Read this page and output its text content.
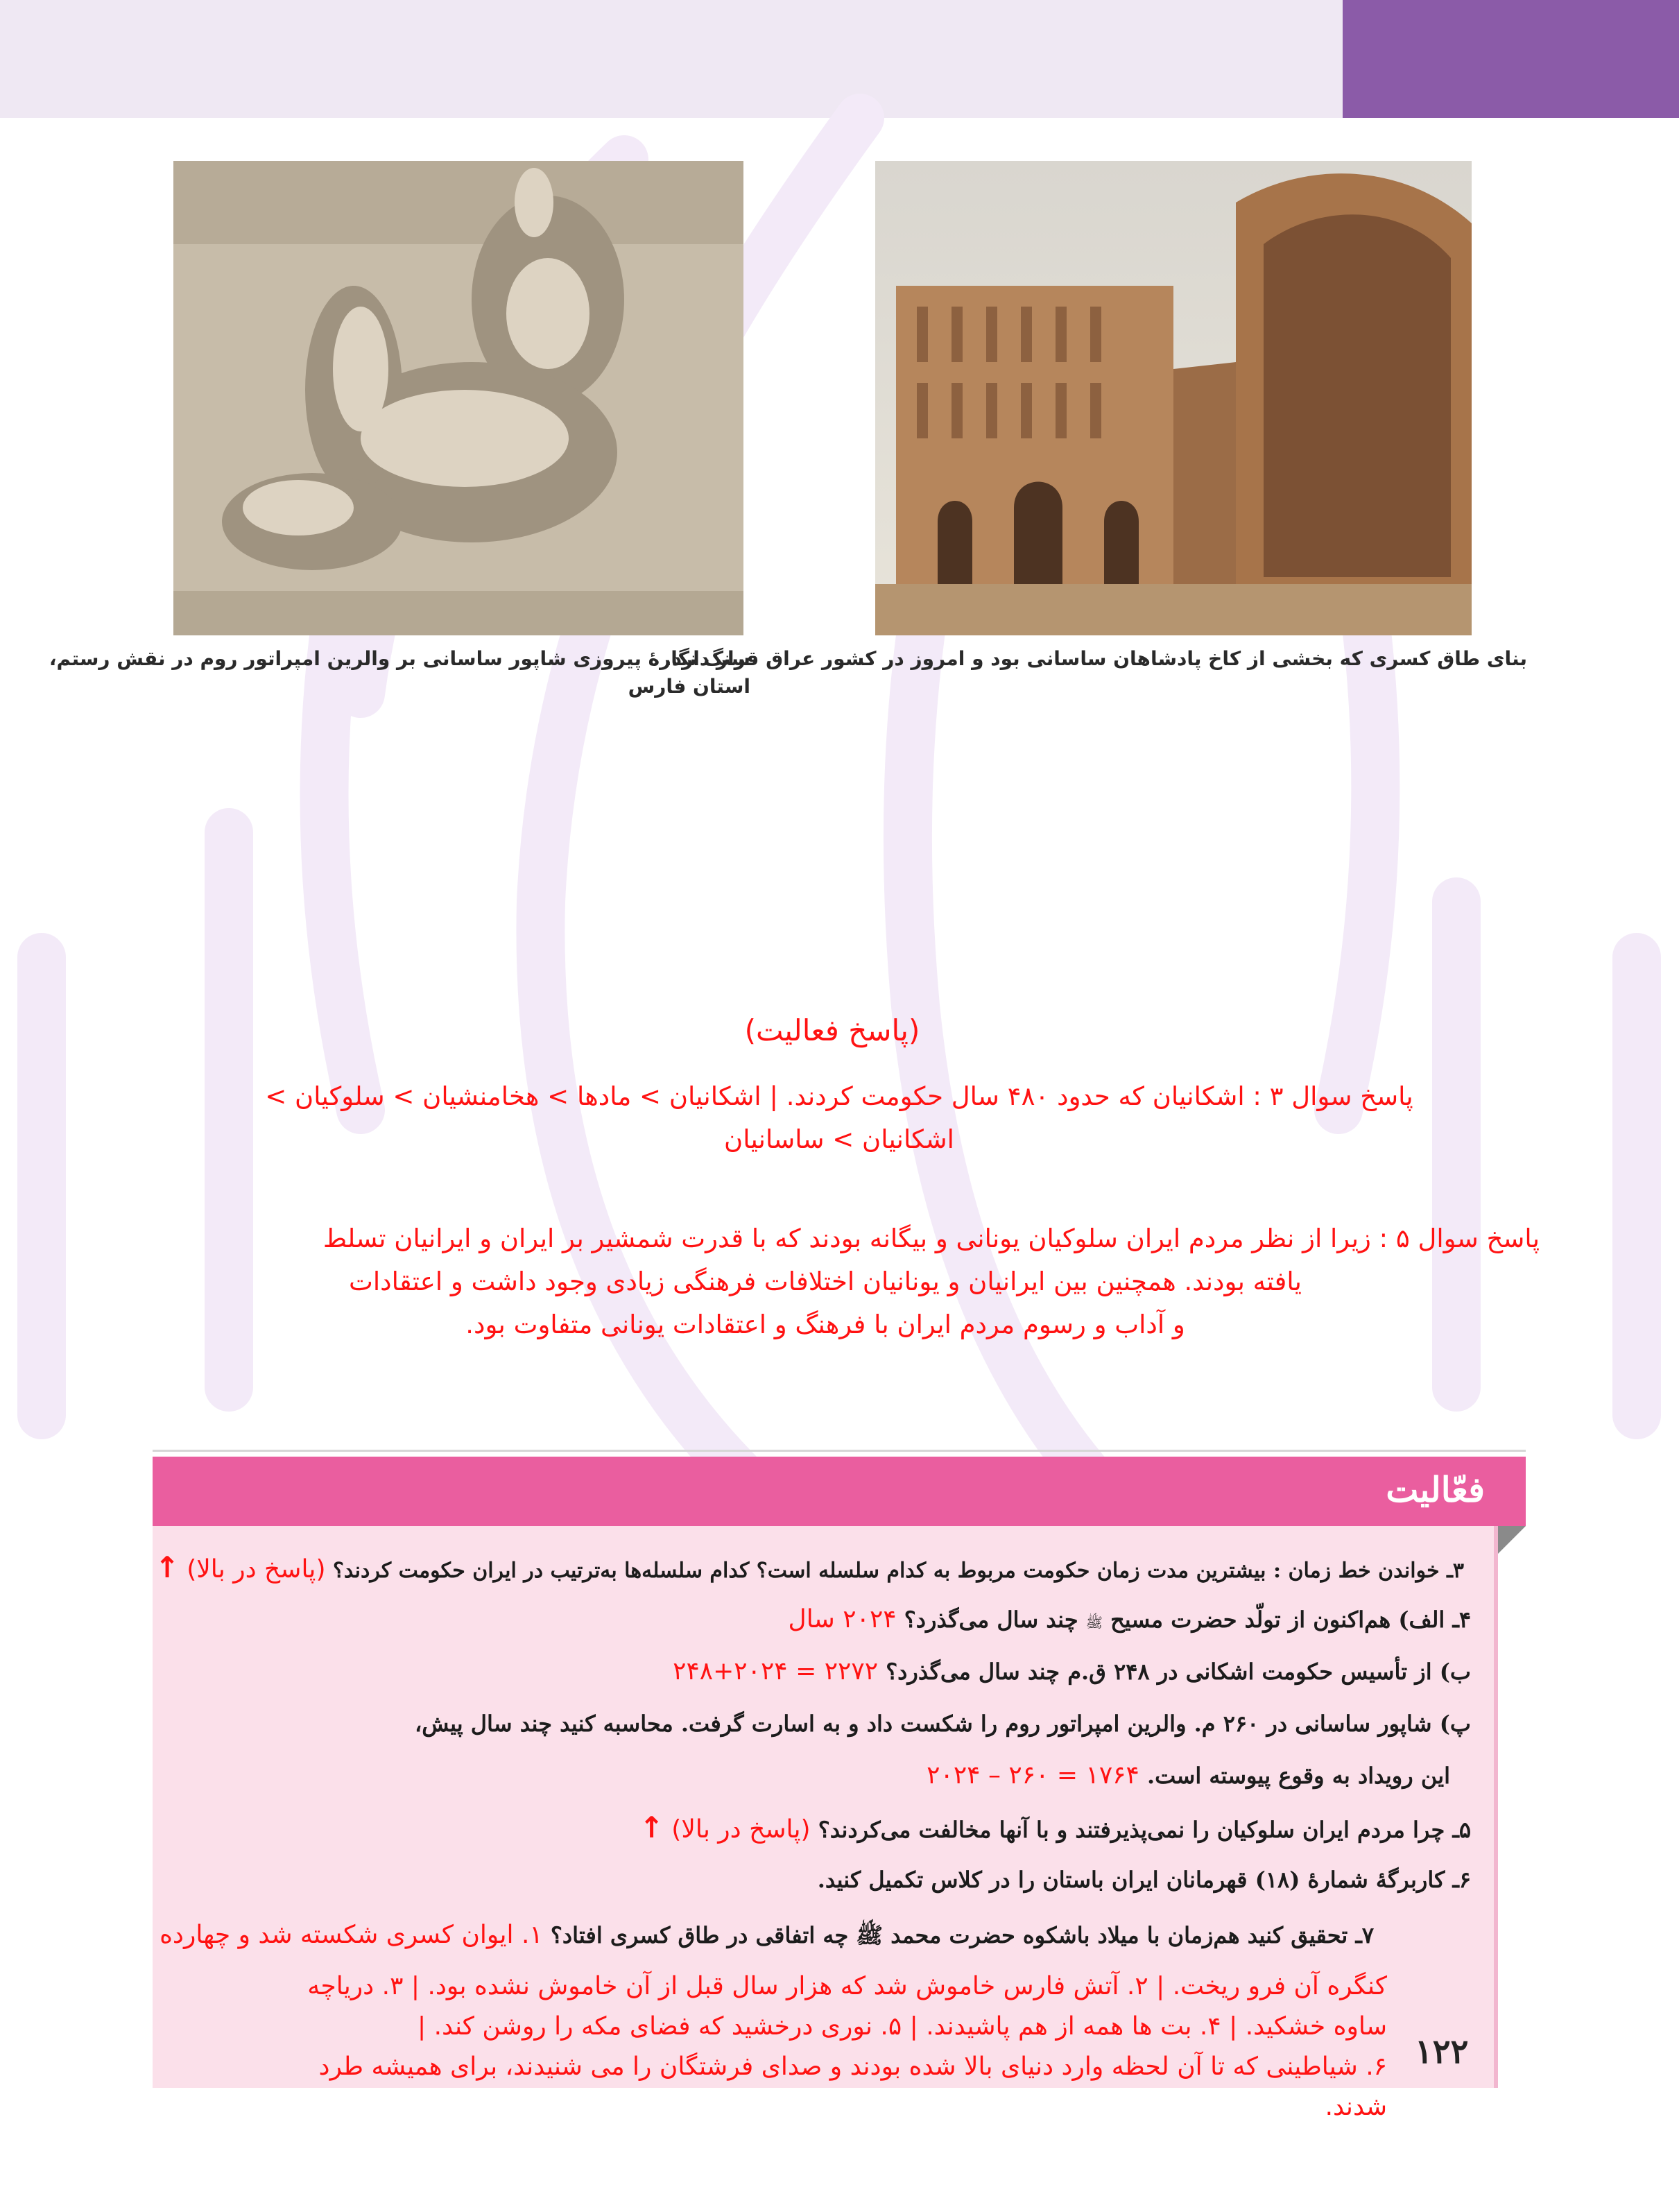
بنای طاق کسری که بخشی از کاخ پادشاهان ساسانی بود و امروز در کشور عراق قرار دارد.
سنگ نگارهٔ پیروزی شاپور ساسانی بر والرین امپراتور روم در نقش رستم،
استان فارس
(پاسخ فعالیت)
پاسخ سوال ۳ : اشکانیان که حدود ۴۸۰ سال حکومت کردند. | اشکانیان > مادها > هخامنشیان > سلوکیان >
اشکانیان > ساسانیان
پاسخ سوال ۵ : زیرا از نظر مردم ایران سلوکیان یونانی و بیگانه بودند که با قدرت شمشیر بر ایران و ایرانیان تسلط
یافته بودند. همچنین بین ایرانیان و یونانیان اختلافات فرهنگی زیادی وجود داشت و اعتقادات
و آداب و رسوم مردم ایران با فرهنگ و اعتقادات یونانی متفاوت بود.
فعّالیت
۳ـ خواندن خط زمان : بیشترین مدت زمان حکومت مربوط به کدام سلسله است؟ کدام سلسله‌ها به‌ترتیب در ایران حکومت کردند؟ (پاسخ در بالا) ↑
۴ـ الف) هم‌اکنون از تولّد حضرت مسیح ﷺ چند سال می‌گذرد؟ ۲۰۲۴ سال
ب) از تأسیس حکومت اشکانی در ۲۴۸ ق.م چند سال می‌گذرد؟ ۲۲۷۲ = ۲۰۲۴+۲۴۸
پ) شاپور ساسانی در ۲۶۰ م. والرین امپراتور روم را شکست داد و به اسارت گرفت. محاسبه کنید چند سال پیش،
این رویداد به وقوع پیوسته است. ۱۷۶۴ = ۲۶۰ – ۲۰۲۴
۵ـ چرا مردم ایران سلوکیان را نمی‌پذیرفتند و با آنها مخالفت می‌کردند؟ (پاسخ در بالا) ↑
۶ـ کاربرگهٔ شمارهٔ (۱۸) قهرمانان ایران باستان را در کلاس تکمیل کنید.
۷ـ تحقیق کنید هم‌زمان با میلاد باشکوه حضرت محمد ﷺ چه اتفاقی در طاق کسری افتاد؟ ۱. ایوان کسری شکسته شد و چهارده
کنگره آن فرو ریخت. | ۲. آتش فارس خاموش شد که هزار سال قبل از آن خاموش نشده بود. | ۳. دریاچه
ساوه خشکید. | ۴. بت ها همه از هم پاشیدند. | ۵. نوری درخشید که فضای مکه را روشن کند. |
۶. شیاطینی که تا آن لحظه وارد دنیای بالا شده بودند و صدای فرشتگان را می شنیدند، برای همیشه طرد
شدند.
۱۲۲
